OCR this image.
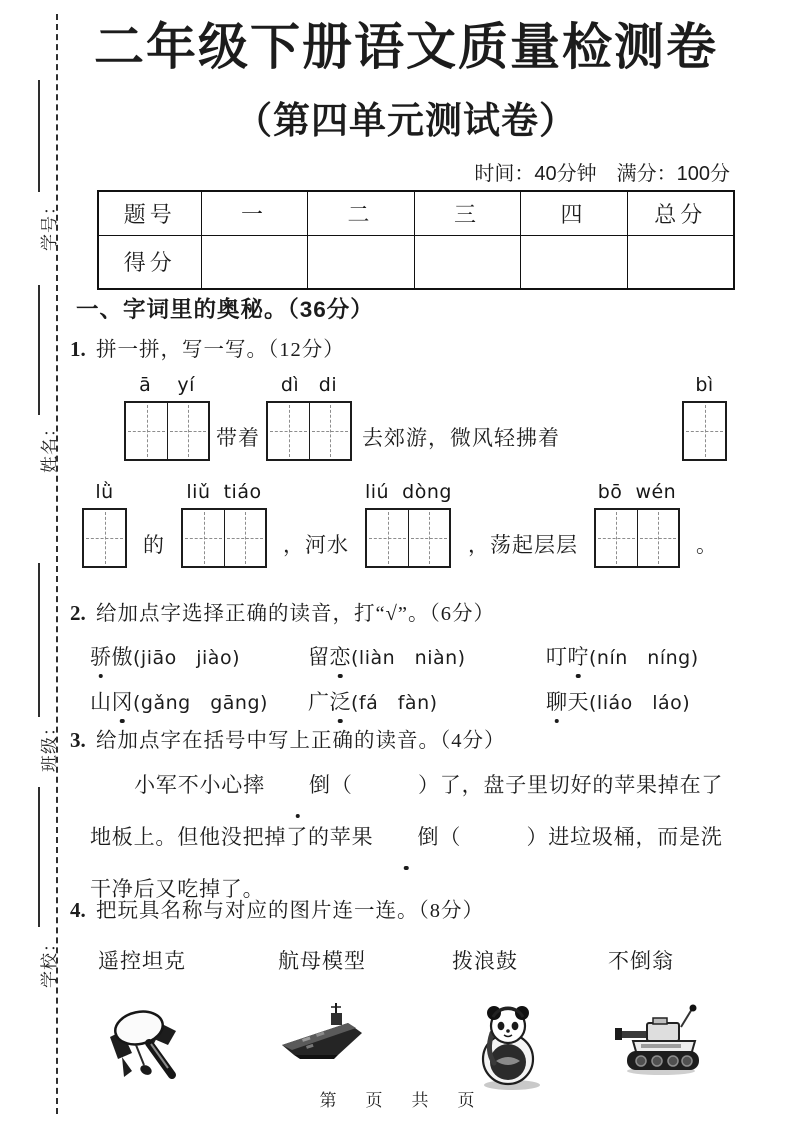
学号：
姓名：
班级：
学校：
二年级下册语文质量检测卷
（第四单元测试卷）
时间：40分钟　满分：100分
题号	一	二	三	四	总分
得分					
一、字词里的奥秘。（36分）
1. 拼一拼，写一写。（12分）
ā    yí
带着
dì   di
去郊游，微风轻拂着
bì
lǜ
的
liǔ  tiáo
，河水
liú  dòng
，荡起层层
bō  wén
。
2. 给加点字选择正确的读音，打“√”。（6分）
骄傲(jiāo　jiào)	留恋(liàn　niàn)	叮咛(nín　níng)
山冈(gǎng　gāng)	广泛(fá　fàn)	聊天(liáo　láo)
3. 给加点字在括号中写上正确的读音。（4分）
小军不小心摔 倒（　　　）了，盘子里切好的苹果掉在了地板上。但他没把掉了的苹果 倒（　　　）进垃圾桶，而是洗干净后又吃掉了。
4. 把玩具名称与对应的图片连一连。（8分）
遥控坦克	航母模型	拨浪鼓	不倒翁
第　页　共　页
